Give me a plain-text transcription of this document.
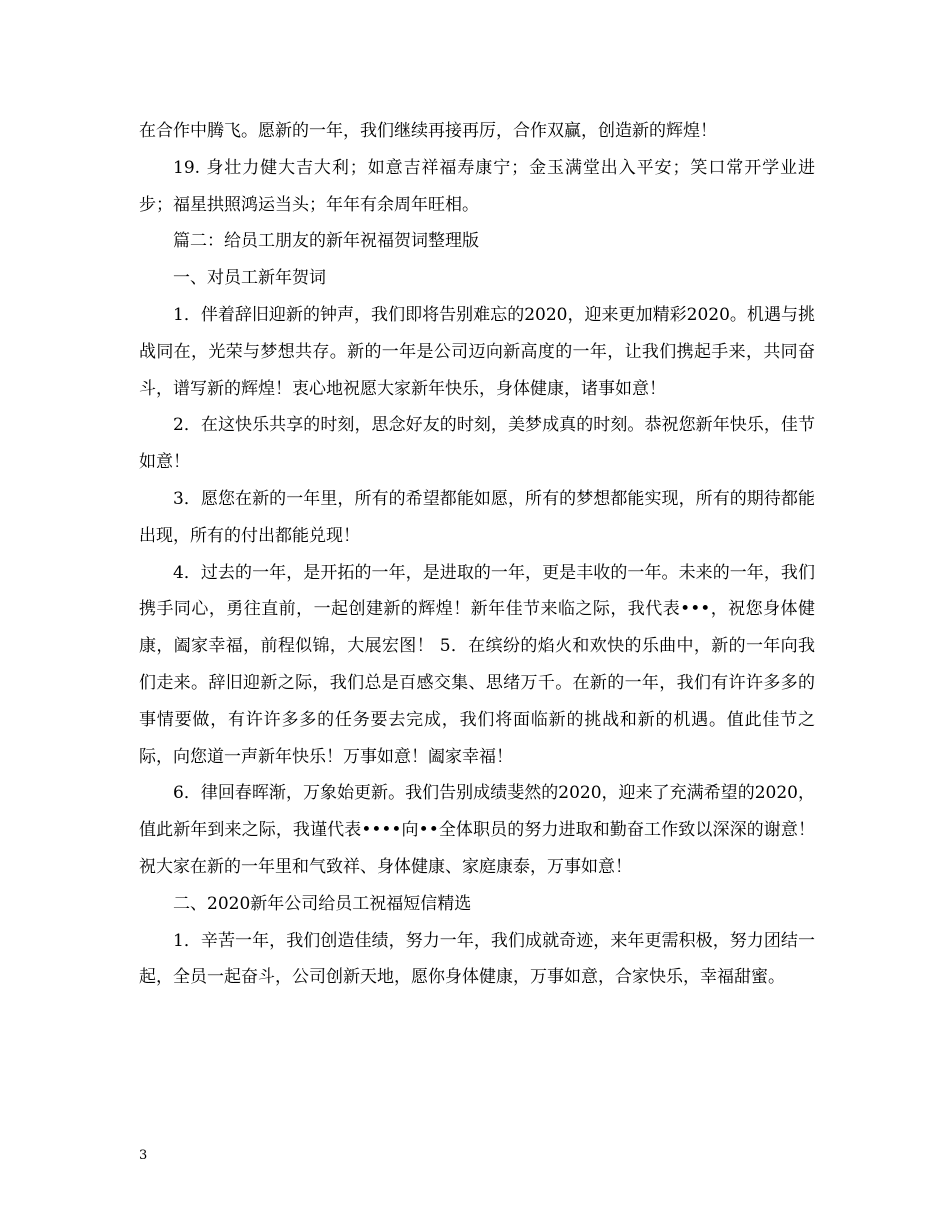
在合作中腾飞。愿新的一年，我们继续再接再厉，合作双赢，创造新的辉煌！

19. 身壮力健大吉大利；如意吉祥福寿康宁；金玉满堂出入平安；笑口常开学业进步；福星拱照鸿运当头；年年有余周年旺相。

篇二：给员工朋友的新年祝福贺词整理版

一、对员工新年贺词

1．伴着辞旧迎新的钟声，我们即将告别难忘的2020，迎来更加精彩2020。机遇与挑战同在，光荣与梦想共存。新的一年是公司迈向新高度的一年，让我们携起手来，共同奋斗，谱写新的辉煌！衷心地祝愿大家新年快乐，身体健康，诸事如意！

2．在这快乐共享的时刻，思念好友的时刻，美梦成真的时刻。恭祝您新年快乐，佳节如意！

3．愿您在新的一年里，所有的希望都能如愿，所有的梦想都能实现，所有的期待都能出现，所有的付出都能兑现！

4．过去的一年，是开拓的一年，是进取的一年，更是丰收的一年。未来的一年，我们携手同心，勇往直前，一起创建新的辉煌！新年佳节来临之际，我代表•••，祝您身体健康，阖家幸福，前程似锦，大展宏图！ 5．在缤纷的焰火和欢快的乐曲中，新的一年向我们走来。辞旧迎新之际，我们总是百感交集、思绪万千。在新的一年，我们有许许多多的事情要做，有许许多多的任务要去完成，我们将面临新的挑战和新的机遇。值此佳节之际，向您道一声新年快乐！万事如意！阖家幸福！

6．律回春晖渐，万象始更新。我们告别成绩斐然的2020，迎来了充满希望的2020，值此新年到来之际，我谨代表••••向••全体职员的努力进取和勤奋工作致以深深的谢意！祝大家在新的一年里和气致祥、身体健康、家庭康泰，万事如意！

二、2020新年公司给员工祝福短信精选

1．辛苦一年，我们创造佳绩，努力一年，我们成就奇迹，来年更需积极，努力团结一起，全员一起奋斗，公司创新天地，愿你身体健康，万事如意，合家快乐，幸福甜蜜。

3
